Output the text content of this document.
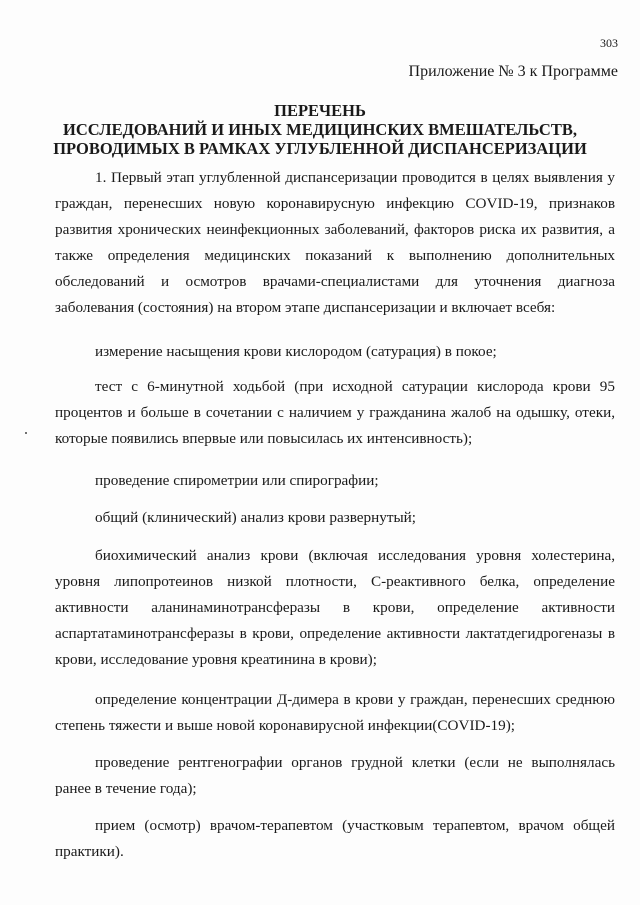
303
Приложение № 3 к Программе
ПЕРЕЧЕНЬ
ИССЛЕДОВАНИЙ И ИНЫХ МЕДИЦИНСКИХ ВМЕШАТЕЛЬСТВ,
ПРОВОДИМЫХ В РАМКАХ УГЛУБЛЕННОЙ ДИСПАНСЕРИЗАЦИИ

1. Первый этап углубленной диспансеризации проводится в целях выявления у граждан, перенесших новую коронавирусную инфекцию COVID-19, признаков развития хронических неинфекционных заболеваний, факторов риска их развития, а также определения медицинских показаний к выполнению дополнительных обследований и осмотров врачами-специалистами для уточнения диагноза заболевания (состояния) на втором этапе диспансеризации и включает всебя:

измерение насыщения крови кислородом (сатурация) в покое;

тест с 6-минутной ходьбой (при исходной сатурации кислорода крови 95 процентов и больше в сочетании с наличием у гражданина жалоб на одышку, отеки, которые появились впервые или повысилась их интенсивность);

проведение спирометрии или спирографии;

общий (клинический) анализ крови развернутый;

биохимический анализ крови (включая исследования уровня холестерина, уровня липопротеинов низкой плотности, С-реактивного белка, определение активности аланинаминотрансферазы в крови, определение активности аспартатаминотрансферазы в крови, определение активности лактатдегидрогеназы в крови, исследование уровня креатинина в крови);

определение концентрации Д-димера в крови у граждан, перенесших среднюю степень тяжести и выше новой коронавирусной инфекции(COVID-19);

проведение рентгенографии органов грудной клетки (если не выполнялась ранее в течение года);

прием (осмотр) врачом-терапевтом (участковым терапевтом, врачом общей практики).
